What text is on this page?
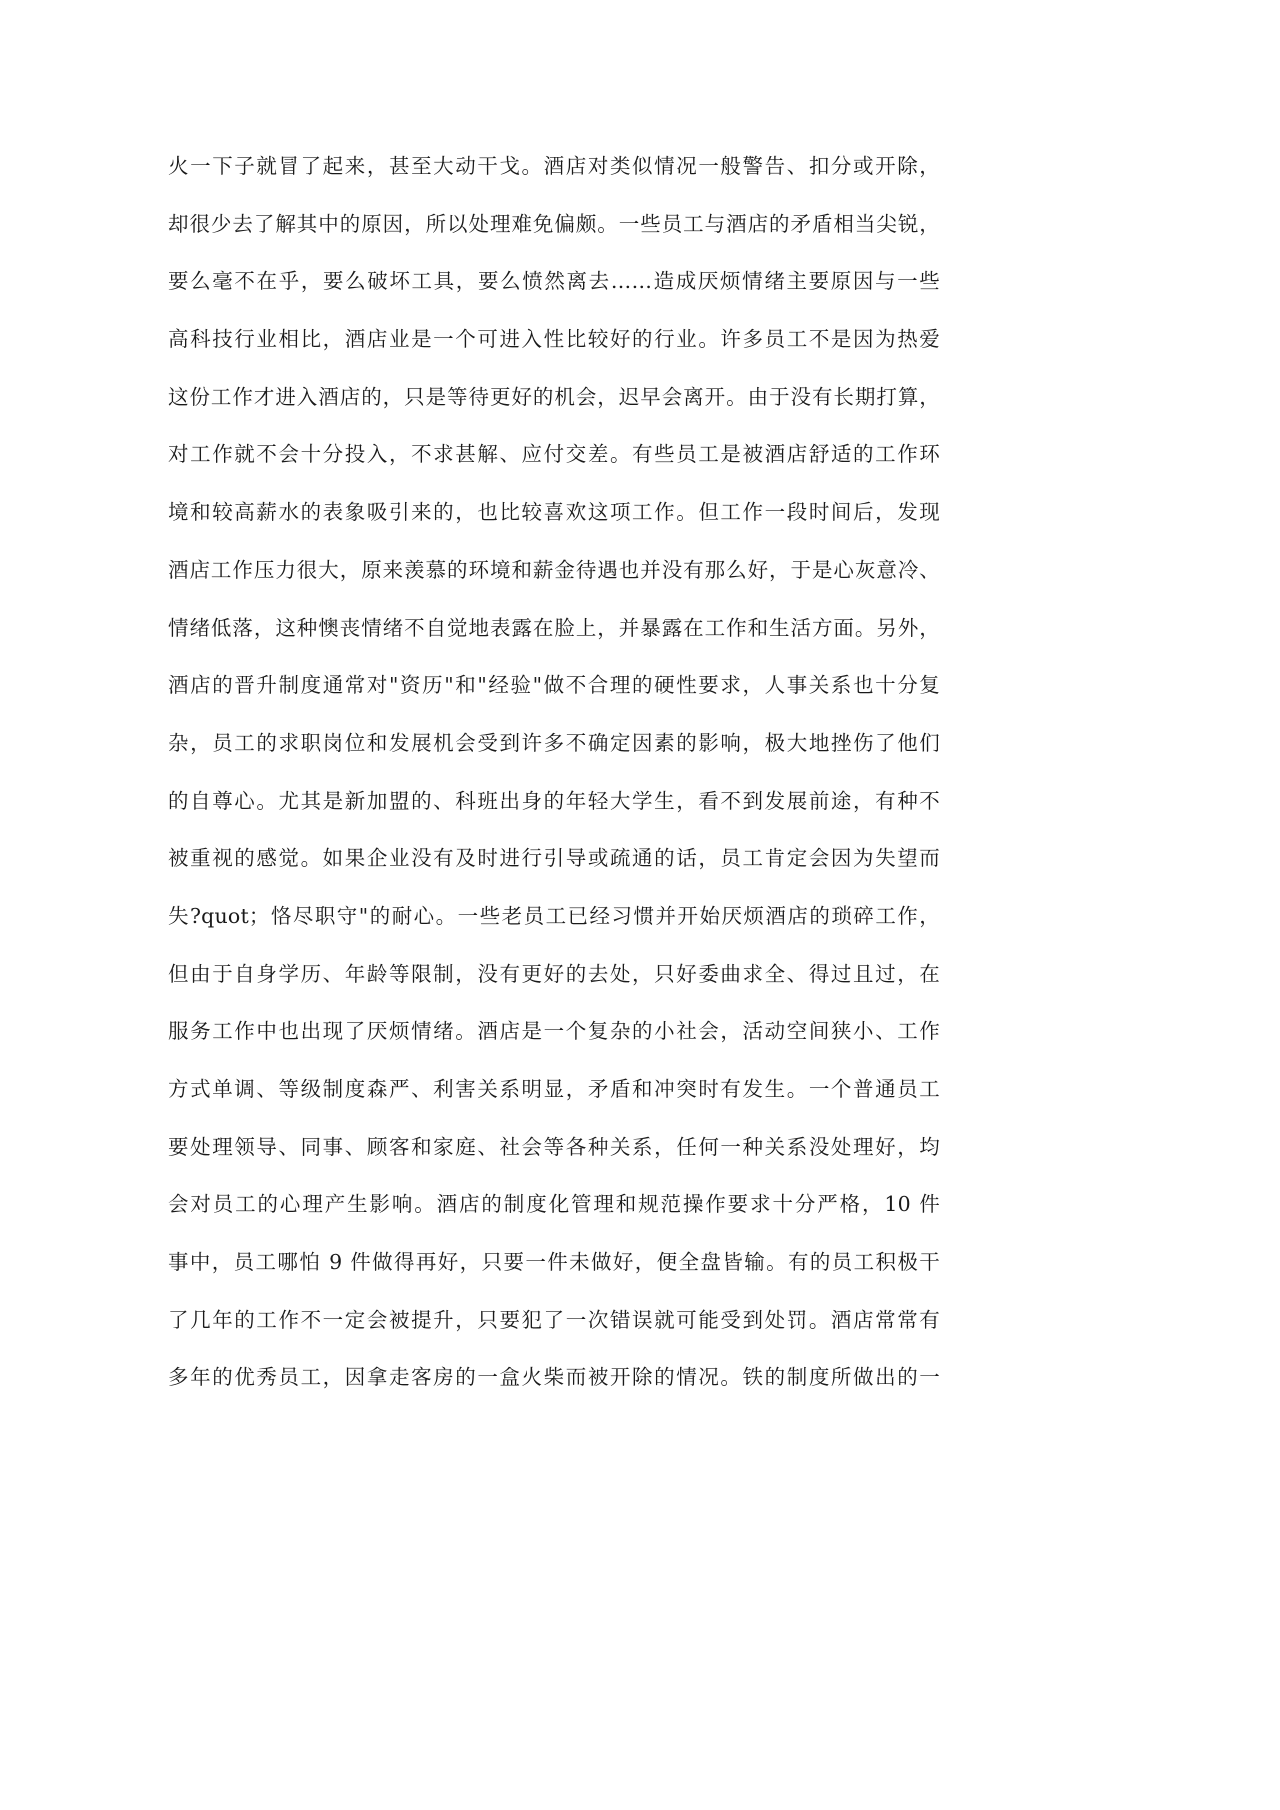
火一下子就冒了起来，甚至大动干戈。酒店对类似情况一般警告、扣分或开除，
却很少去了解其中的原因，所以处理难免偏颇。一些员工与酒店的矛盾相当尖锐，
要么毫不在乎，要么破坏工具，要么愤然离去……造成厌烦情绪主要原因与一些
高科技行业相比，酒店业是一个可进入性比较好的行业。许多员工不是因为热爱
这份工作才进入酒店的，只是等待更好的机会，迟早会离开。由于没有长期打算，
对工作就不会十分投入，不求甚解、应付交差。有些员工是被酒店舒适的工作环
境和较高薪水的表象吸引来的，也比较喜欢这项工作。但工作一段时间后，发现
酒店工作压力很大，原来羡慕的环境和薪金待遇也并没有那么好，于是心灰意冷、
情绪低落，这种懊丧情绪不自觉地表露在脸上，并暴露在工作和生活方面。另外，
酒店的晋升制度通常对"资历"和"经验"做不合理的硬性要求，人事关系也十分复
杂，员工的求职岗位和发展机会受到许多不确定因素的影响，极大地挫伤了他们
的自尊心。尤其是新加盟的、科班出身的年轻大学生，看不到发展前途，有种不
被重视的感觉。如果企业没有及时进行引导或疏通的话，员工肯定会因为失望而
失?quot；恪尽职守"的耐心。一些老员工已经习惯并开始厌烦酒店的琐碎工作，
但由于自身学历、年龄等限制，没有更好的去处，只好委曲求全、得过且过，在
服务工作中也出现了厌烦情绪。酒店是一个复杂的小社会，活动空间狭小、工作
方式单调、等级制度森严、利害关系明显，矛盾和冲突时有发生。一个普通员工
要处理领导、同事、顾客和家庭、社会等各种关系，任何一种关系没处理好，均
会对员工的心理产生影响。酒店的制度化管理和规范操作要求十分严格，10 件
事中，员工哪怕 9 件做得再好，只要一件未做好，便全盘皆输。有的员工积极干
了几年的工作不一定会被提升，只要犯了一次错误就可能受到处罚。酒店常常有
多年的优秀员工，因拿走客房的一盒火柴而被开除的情况。铁的制度所做出的一
